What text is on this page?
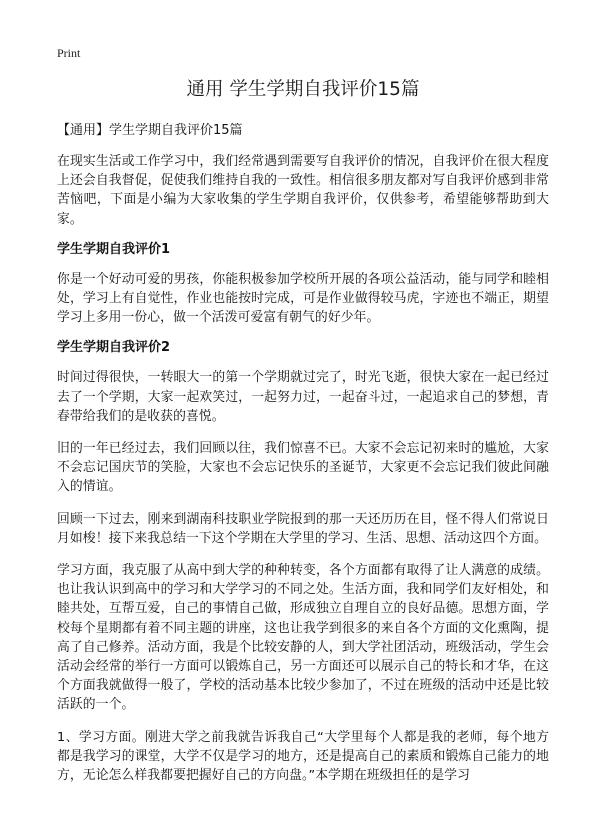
Print
通用 学生学期自我评价15篇

【通用】学生学期自我评价15篇

在现实生活或工作学习中，我们经常遇到需要写自我评价的情况，自我评价在很大程度上还会自我督促，促使我们维持自我的一致性。相信很多朋友都对写自我评价感到非常苦恼吧，下面是小编为大家收集的学生学期自我评价，仅供参考，希望能够帮助到大家。

学生学期自我评价1

你是一个好动可爱的男孩，你能积极参加学校所开展的各项公益活动，能与同学和睦相处，学习上有自觉性，作业也能按时完成，可是作业做得较马虎，字迹也不端正，期望学习上多用一份心，做一个活泼可爱富有朝气的好少年。

学生学期自我评价2

时间过得很快，一转眼大一的第一个学期就过完了，时光飞逝，很快大家在一起已经过去了一个学期，大家一起欢笑过，一起努力过，一起奋斗过，一起追求自己的梦想，青春带给我们的是收获的喜悦。

旧的一年已经过去，我们回顾以往，我们惊喜不已。大家不会忘记初来时的尴尬，大家不会忘记国庆节的笑脸，大家也不会忘记快乐的圣诞节，大家更不会忘记我们彼此间融入的情谊。

回顾一下过去，刚来到湖南科技职业学院报到的那一天还历历在目，怪不得人们常说日月如梭！接下来我总结一下这个学期在大学里的学习、生活、思想、活动这四个方面。

学习方面，我克服了从高中到大学的种种转变，各个方面都有取得了让人满意的成绩。也让我认识到高中的学习和大学学习的不同之处。生活方面，我和同学们友好相处，和睦共处，互帮互爱，自己的事情自己做，形成独立自理自立的良好品德。思想方面，学校每个星期都有着不同主题的讲座，这也让我学到很多的来自各个方面的文化熏陶，提高了自己修养。活动方面，我是个比较安静的人，到大学社团活动，班级活动，学生会活动会经常的举行一方面可以锻炼自己，另一方面还可以展示自己的特长和才华，在这个方面我就做得一般了，学校的活动基本比较少参加了，不过在班级的活动中还是比较活跃的一个。

1、学习方面。刚进大学之前我就告诉我自己“大学里每个人都是我的老师，每个地方都是我学习的课堂，大学不仅是学习的地方，还是提高自己的素质和锻炼自己能力的地方，无论怎么样我都要把握好自己的方向盘。”本学期在班级担任的是学习
